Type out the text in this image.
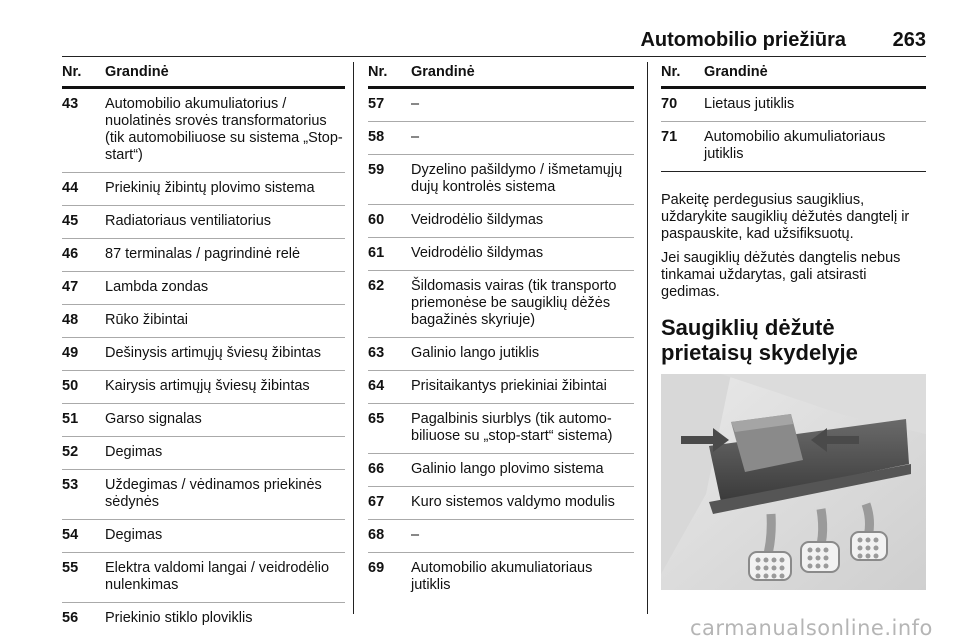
Automobilio priežiūra 263
Nr.	Grandinė
43	Automobilio akumuliatorius / nuolatinės srovės transformatorius (tik automobiliuose su sistema „Stop-start“)
44	Priekinių žibintų plovimo sistema
45	Radiatoriaus ventiliatorius
46	87 terminalas / pagrindinė relė
47	Lambda zondas
48	Rūko žibintai
49	Dešinysis artimųjų šviesų žibintas
50	Kairysis artimųjų šviesų žibintas
51	Garso signalas
52	Degimas
53	Uždegimas / vėdinamos priekinės sėdynės
54	Degimas
55	Elektra valdomi langai / veidrodėlio nulenkimas
56	Priekinio stiklo ploviklis
Nr.	Grandinė
57	–
58	–
59	Dyzelino pašildymo / išmetamųjų dujų kontrolės sistema
60	Veidrodėlio šildymas
61	Veidrodėlio šildymas
62	Šildomasis vairas (tik transporto priemonėse be saugiklių dėžės bagažinės skyriuje)
63	Galinio lango jutiklis
64	Prisitaikantys priekiniai žibintai
65	Pagalbinis siurblys (tik automobiliuose su „stop-start“ sistema)
66	Galinio lango plovimo sistema
67	Kuro sistemos valdymo modulis
68	–
69	Automobilio akumuliatoriaus jutiklis
Nr.	Grandinė
70	Lietaus jutiklis
71	Automobilio akumuliatoriaus jutiklis

Pakeitę perdegusius saugiklius, uždarykite saugiklių dėžutės dangtelį ir paspauskite, kad užsifiksuotų.

Jei saugiklių dėžutės dangtelis nebus tinkamai uždarytas, gali atsirasti gedimas.

Saugiklių dėžutė prietaisų skydelyje
carmanualsonline.info
